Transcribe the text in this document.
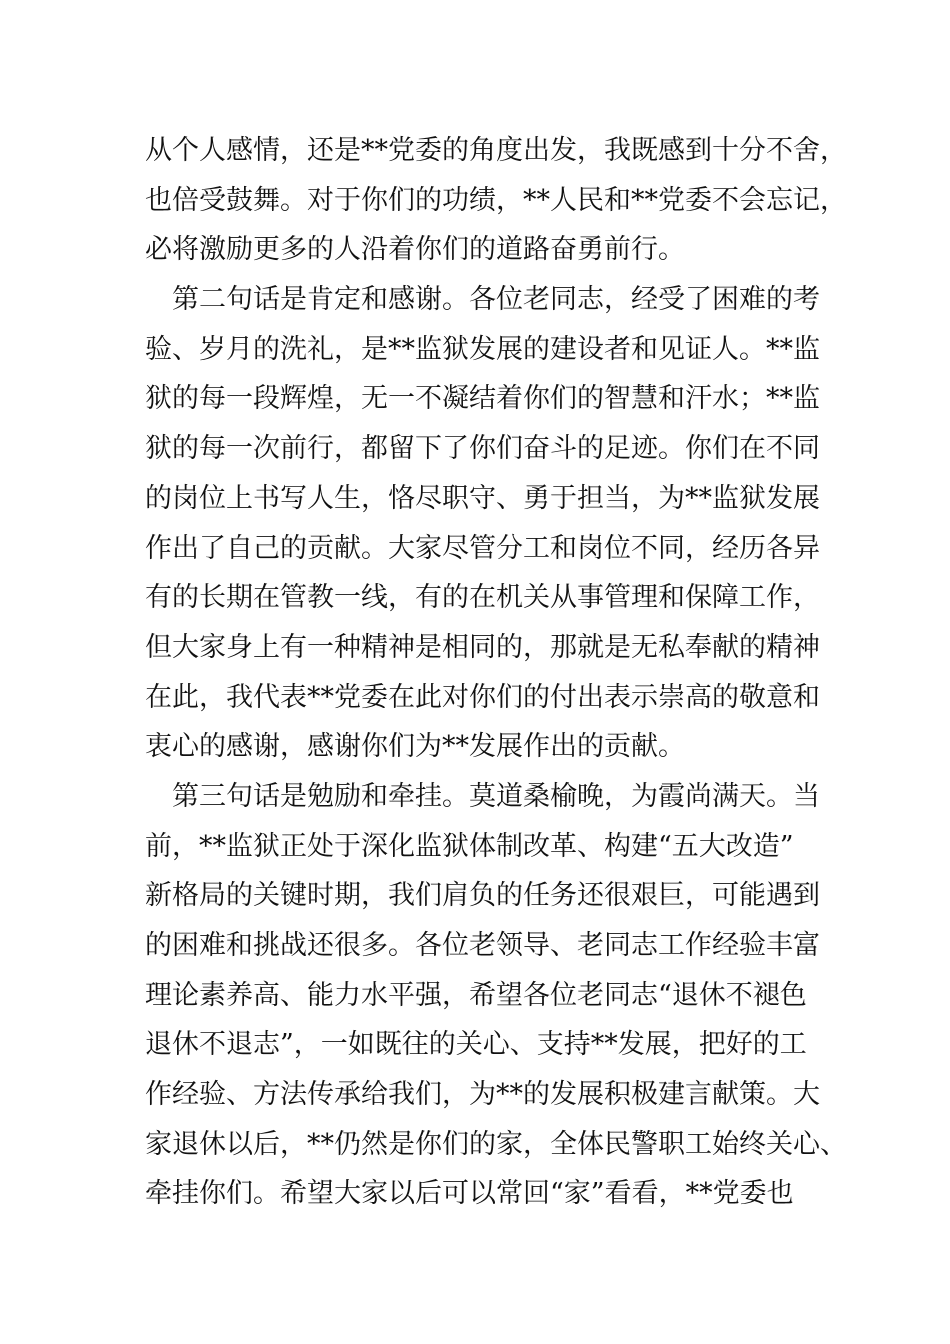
从个人感情，还是**党委的角度出发，我既感到十分不舍，
也倍受鼓舞。对于你们的功绩，**人民和**党委不会忘记，
必将激励更多的人沿着你们的道路奋勇前行。
　第二句话是肯定和感谢。各位老同志，经受了困难的考
验、岁月的洗礼，是**监狱发展的建设者和见证人。**监
狱的每一段辉煌，无一不凝结着你们的智慧和汗水；**监
狱的每一次前行，都留下了你们奋斗的足迹。你们在不同
的岗位上书写人生，恪尽职守、勇于担当，为**监狱发展
作出了自己的贡献。大家尽管分工和岗位不同，经历各异
有的长期在管教一线，有的在机关从事管理和保障工作，
但大家身上有一种精神是相同的，那就是无私奉献的精神
在此，我代表**党委在此对你们的付出表示崇高的敬意和
衷心的感谢，感谢你们为**发展作出的贡献。
　第三句话是勉励和牵挂。莫道桑榆晚，为霞尚满天。当
前，**监狱正处于深化监狱体制改革、构建“五大改造”
新格局的关键时期，我们肩负的任务还很艰巨，可能遇到
的困难和挑战还很多。各位老领导、老同志工作经验丰富
理论素养高、能力水平强，希望各位老同志“退休不褪色
退休不退志”，一如既往的关心、支持**发展，把好的工
作经验、方法传承给我们，为**的发展积极建言献策。大
家退休以后，**仍然是你们的家，全体民警职工始终关心、
牵挂你们。希望大家以后可以常回“家”看看，**党委也
